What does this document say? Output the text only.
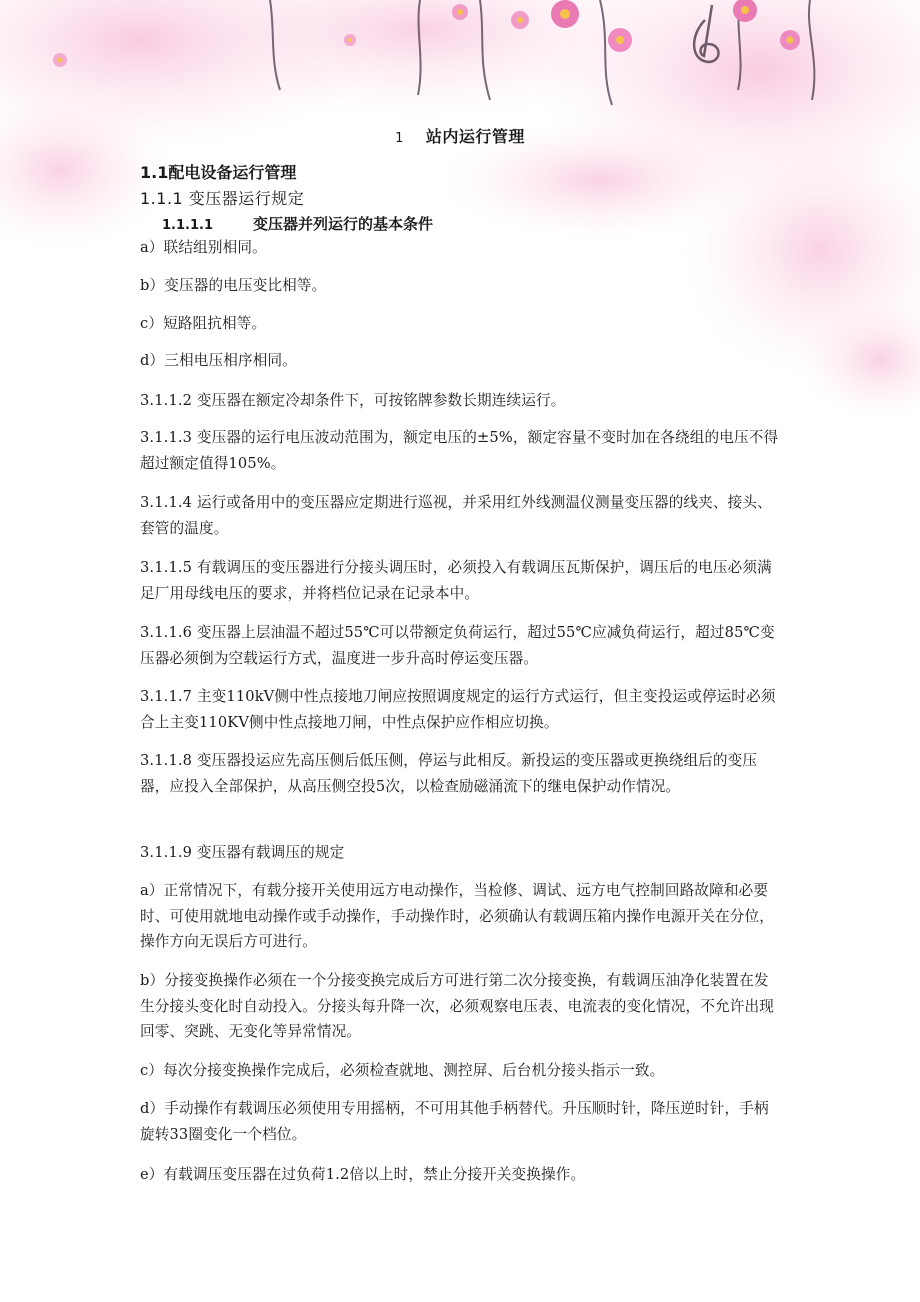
1 站内运行管理
1.1配电设备运行管理
1.1.1 变压器运行规定
1.1.1.1	变压器并列运行的基本条件
a）联结组别相同。
b）变压器的电压变比相等。
c）短路阻抗相等。
d）三相电压相序相同。
3.1.1.2 变压器在额定冷却条件下，可按铭牌参数长期连续运行。
3.1.1.3 变压器的运行电压波动范围为，额定电压的±5%，额定容量不变时加在各绕组的电压不得超过额定值得105%。
3.1.1.4 运行或备用中的变压器应定期进行巡视，并采用红外线测温仪测量变压器的线夹、接头、套管的温度。
3.1.1.5 有载调压的变压器进行分接头调压时，必须投入有载调压瓦斯保护，调压后的电压必须满足厂用母线电压的要求，并将档位记录在记录本中。
3.1.1.6 变压器上层油温不超过55℃可以带额定负荷运行，超过55℃应减负荷运行，超过85℃变压器必须倒为空载运行方式，温度进一步升高时停运变压器。
3.1.1.7 主变110kV侧中性点接地刀闸应按照调度规定的运行方式运行，但主变投运或停运时必须合上主变110KV侧中性点接地刀闸，中性点保护应作相应切换。
3.1.1.8 变压器投运应先高压侧后低压侧，停运与此相反。新投运的变压器或更换绕组后的变压器，应投入全部保护，从高压侧空投5次，以检查励磁涌流下的继电保护动作情况。
3.1.1.9 变压器有载调压的规定
a）正常情况下，有载分接开关使用远方电动操作，当检修、调试、远方电气控制回路故障和必要时、可使用就地电动操作或手动操作，手动操作时，必须确认有载调压箱内操作电源开关在分位，操作方向无误后方可进行。
b）分接变换操作必须在一个分接变换完成后方可进行第二次分接变换，有载调压油净化装置在发生分接头变化时自动投入。分接头每升降一次，必须观察电压表、电流表的变化情况，不允许出现回零、突跳、无变化等异常情况。
c）每次分接变换操作完成后，必须检查就地、测控屏、后台机分接头指示一致。
d）手动操作有载调压必须使用专用摇柄，不可用其他手柄替代。升压顺时针，降压逆时针，手柄旋转33圈变化一个档位。
e）有载调压变压器在过负荷1.2倍以上时，禁止分接开关变换操作。
